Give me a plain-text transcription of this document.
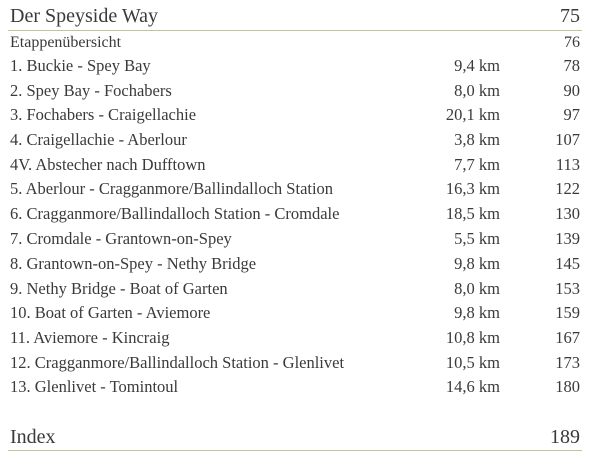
Der Speyside Way	75
Etappenübersicht	76
1. Buckie - Spey Bay	9,4 km	78
2. Spey Bay - Fochabers	8,0 km	90
3. Fochabers - Craigellachie	20,1 km	97
4. Craigellachie - Aberlour	3,8 km	107
4V. Abstecher nach Dufftown	7,7 km	113
5. Aberlour - Cragganmore/Ballindalloch Station	16,3 km	122
6. Cragganmore/Ballindalloch Station - Cromdale	18,5 km	130
7. Cromdale - Grantown-on-Spey	5,5 km	139
8. Grantown-on-Spey - Nethy Bridge	9,8 km	145
9. Nethy Bridge - Boat of Garten	8,0 km	153
10. Boat of Garten - Aviemore	9,8 km	159
11. Aviemore - Kincraig	10,8 km	167
12. Cragganmore/Ballindalloch Station - Glenlivet	10,5 km	173
13. Glenlivet - Tomintoul	14,6 km	180
Index	189
